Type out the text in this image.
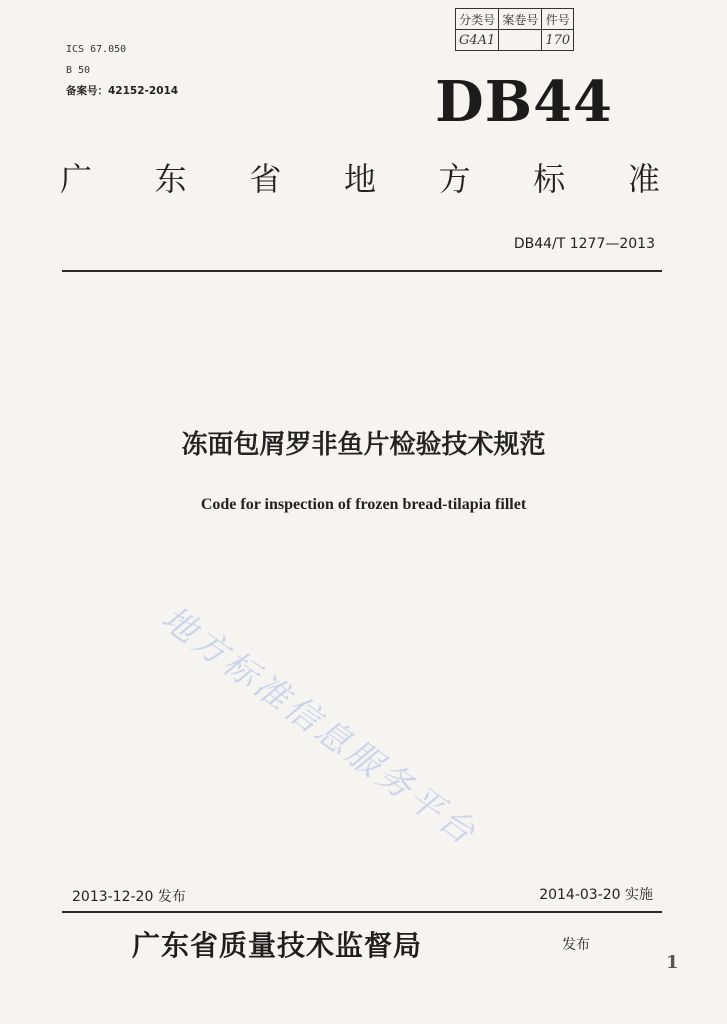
ICS 67.050
B 50
备案号：42152-2014
分类号	案卷号	件号
G4A1		170
DB44
广 东 省 地 方 标 准
DB44/T 1277—2013
冻面包屑罗非鱼片检验技术规范
Code for inspection of frozen bread-tilapia fillet
地方标准信息服务平台
2013-12-20 发布	2014-03-20 实施
广东省质量技术监督局	发布
1
